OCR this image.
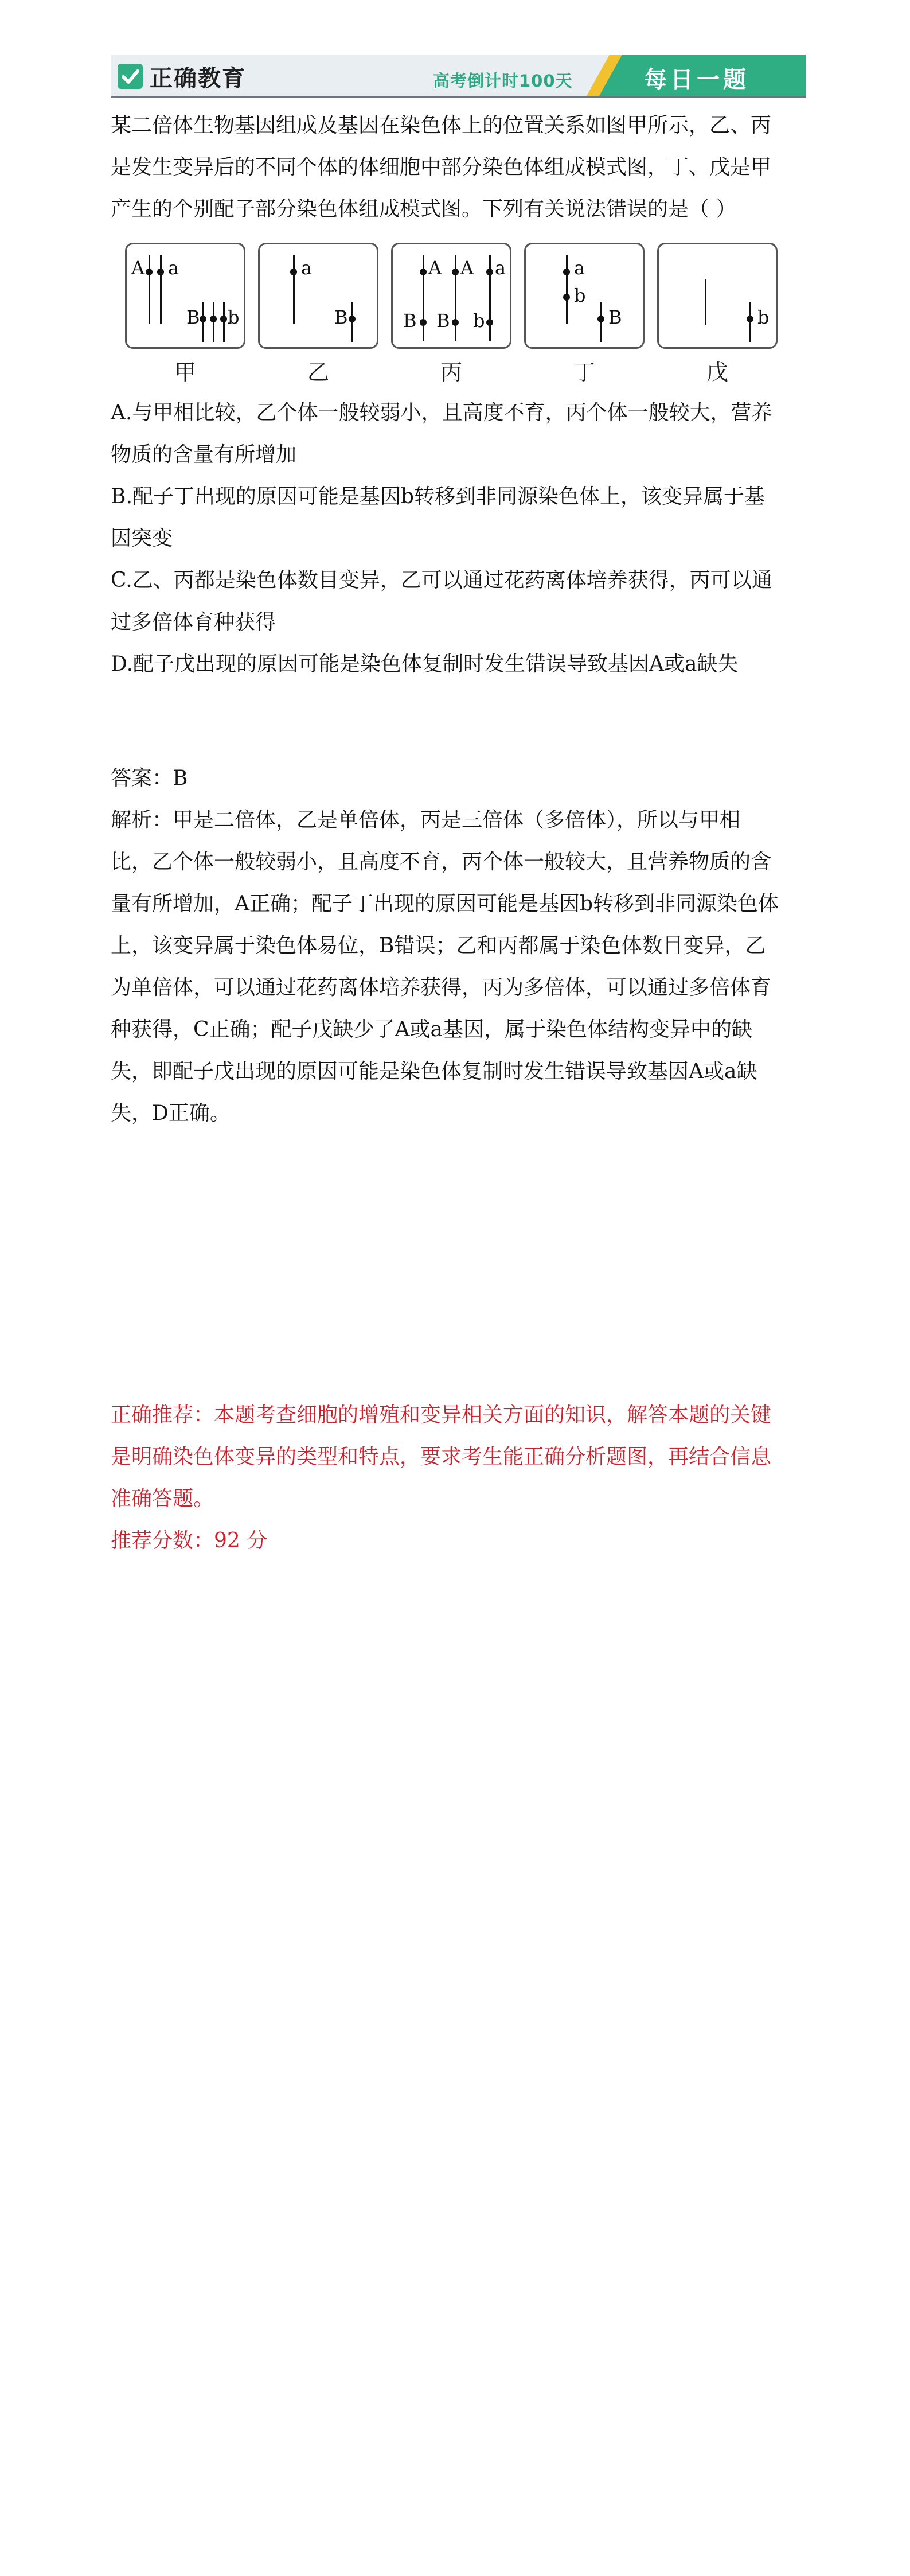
正确教育	高考倒计时100天	每日一题

某二倍体生物基因组成及基因在染色体上的位置关系如图甲所示，乙、丙

是发生变异后的不同个体的体细胞中部分染色体组成模式图，丁、戊是甲

产生的个别配子部分染色体组成模式图。下列有关说法错误的是（ ）

A a
B b
甲
a
B
乙
A A a
B B b
丙
a
b
B
丁
b
戊

A.与甲相比较，乙个体一般较弱小，且高度不育，丙个体一般较大，营养

物质的含量有所增加

B.配子丁出现的原因可能是基因b转移到非同源染色体上，该变异属于基

因突变

C.乙、丙都是染色体数目变异，乙可以通过花药离体培养获得，丙可以通

过多倍体育种获得

D.配子戊出现的原因可能是染色体复制时发生错误导致基因A或a缺失

答案：B

解析：甲是二倍体，乙是单倍体，丙是三倍体（多倍体），所以与甲相

比，乙个体一般较弱小，且高度不育，丙个体一般较大，且营养物质的含

量有所增加，A正确；配子丁出现的原因可能是基因b转移到非同源染色体

上，该变异属于染色体易位，B错误；乙和丙都属于染色体数目变异，乙

为单倍体，可以通过花药离体培养获得，丙为多倍体，可以通过多倍体育

种获得，C正确；配子戊缺少了A或a基因，属于染色体结构变异中的缺

失，即配子戊出现的原因可能是染色体复制时发生错误导致基因A或a缺

失，D正确。

正确推荐：本题考查细胞的增殖和变异相关方面的知识，解答本题的关键

是明确染色体变异的类型和特点，要求考生能正确分析题图，再结合信息

准确答题。

推荐分数：92 分
